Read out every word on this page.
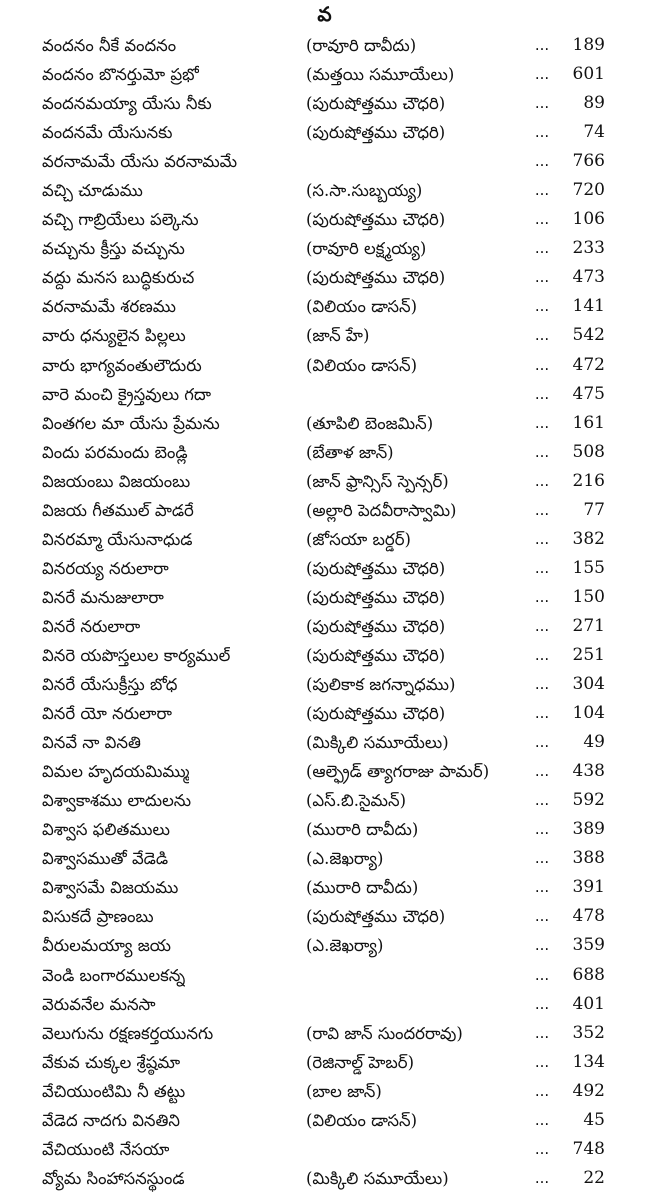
వ
వందనం నీకే వందనం	(రావూరి దావీదు)	...	189
వందనం బొనర్తుమో ప్రభో	(మత్తయి సమూయేలు)	...	601
వందనమయ్యా యేసు నీకు	(పురుషోత్తము చౌధరి)	...	89
వందనమే యేసునకు	(పురుషోత్తము చౌధరి)	...	74
వరనామమే యేసు వరనామమే	...	766
వచ్చి చూడుము	(స.సా.సుబ్బయ్య)	...	720
వచ్చి గాబ్రియేలు పల్కెను	(పురుషోత్తము చౌధరి)	...	106
వచ్చును క్రీస్తు వచ్చును	(రావూరి లక్ష్మయ్య)	...	233
వద్దు మనస బుద్ధికురుచ	(పురుషోత్తము చౌధరి)	...	473
వరనామమే శరణము	(విలియం డాసన్)	...	141
వారు ధన్యులైన పిల్లలు	(జాన్ హే)	...	542
వారు భాగ్యవంతులౌదురు	(విలియం డాసన్)	...	472
వారె మంచి క్రైస్తవులు గదా	...	475
వింతగల మా యేసు ప్రేమను	(తూపిలి బెంజమిన్)	...	161
విందు పరమందు బెండ్లి	(బేతాళ జాన్)	...	508
విజయంబు విజయంబు	(జాన్ ఫ్రాన్సిస్ స్పెన్సర్)	...	216
విజయ గీతముల్ పాడరే	(అల్లారి పెదవీరాస్వామి)	...	77
వినరమ్మా యేసునాధుడ	(జోసయా బర్డర్)	...	382
వినరయ్య నరులారా	(పురుషోత్తము చౌధరి)	...	155
వినరే మనుజులారా	(పురుషోత్తము చౌధరి)	...	150
వినరే నరులారా	(పురుషోత్తము చౌధరి)	...	271
వినరె యపొస్తలుల కార్యముల్	(పురుషోత్తము చౌధరి)	...	251
వినరే యేసుక్రీస్తు బోధ	(పులికాక జగన్నాధము)	...	304
వినరే యో నరులారా	(పురుషోత్తము చౌధరి)	...	104
వినవే నా వినతి	(మిక్కిలి సమూయేలు)	...	49
విమల హృదయమిమ్ము	(ఆల్ఫ్రెడ్ త్యాగరాజు పామర్)	...	438
విశ్వాకాశము లాదులను	(ఎస్.బి.సైమన్)	...	592
విశ్వాస ఫలితములు	(మురారి దావీదు)	...	389
విశ్వాసముతో వేడెడి	(ఎ.జెఖర్యా)	...	388
విశ్వాసమే విజయము	(మురారి దావీదు)	...	391
విసుకదే ప్రాణంబు	(పురుషోత్తము చౌధరి)	...	478
వీరులమయ్యా జయ	(ఎ.జెఖర్యా)	...	359
వెండి బంగారములకన్న	...	688
వెరువనేల మనసా	...	401
వెలుగును రక్షణకర్తయునగు	(రావి జాన్ సుందరరావు)	...	352
వేకువ చుక్కల శ్రేష్ఠమా	(రెజినాల్డ్ హెబర్)	...	134
వేచియుంటిమి నీ తట్టు	(బాల జాన్)	...	492
వేడెద నాదగు వినతిని	(విలియం డాసన్)	...	45
వేచియుంటి నేసయా	...	748
వ్యోమ సింహాసనస్థుండ	(మిక్కిలి సమూయేలు)	...	22
